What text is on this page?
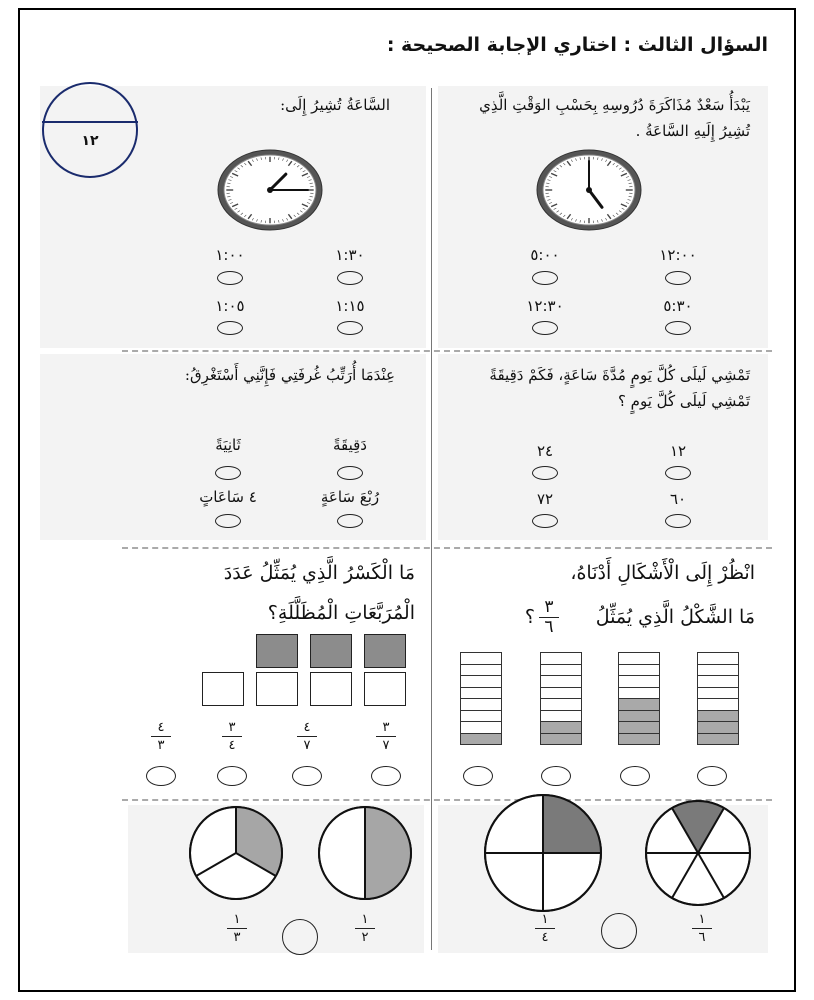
السؤال الثالث : اختاري الإجابة الصحيحة :
١٢
يَبْدَأُ سَعْدٌ مُذَاكَرَةَ دُرُوسِهِ بِحَسْبِ الوَقْتِ الَّذِي تُشِيرُ إِلَيهِ السَّاعَةُ .
السَّاعَةُ تُشِيرُ إِلَى:
١٢:٠٠
٥:٠٠
٥:٣٠
١٢:٣٠
١:٣٠
١:٠٠
١:١٥
١:٠٥
تَمْشِي لَيلَى كُلَّ يَومٍ مُدَّةَ سَاعَةٍ، فَكَمْ دَقِيقَةً تَمْشِي لَيلَى كُلَّ يَومٍ ؟
١٢
٢٤
٦٠
٧٢
عِنْدَمَا أُرَتِّبُ غُرفَتِي فَإِنَّنِي أَسْتَغْرِقُ:
دَقِيقَةً
ثَانِيَةً
رُبْعَ سَاعَةٍ
٤ سَاعَاتٍ
انْظُرْ إِلَى الْأَشْكَالِ أَدْنَاهُ،
مَا الشَّكْلُ الَّذِي يُمَثِّلُ
٣
٦
؟
مَا الْكَسْرُ الَّذِي يُمَثِّلُ عَدَدَ
الْمُرَبَّعَاتِ الْمُظَلَّلَةِ؟
٣
٧
٤
٧
٣
٤
٤
٣
١
٦
١
٤
١
٢
١
٣
